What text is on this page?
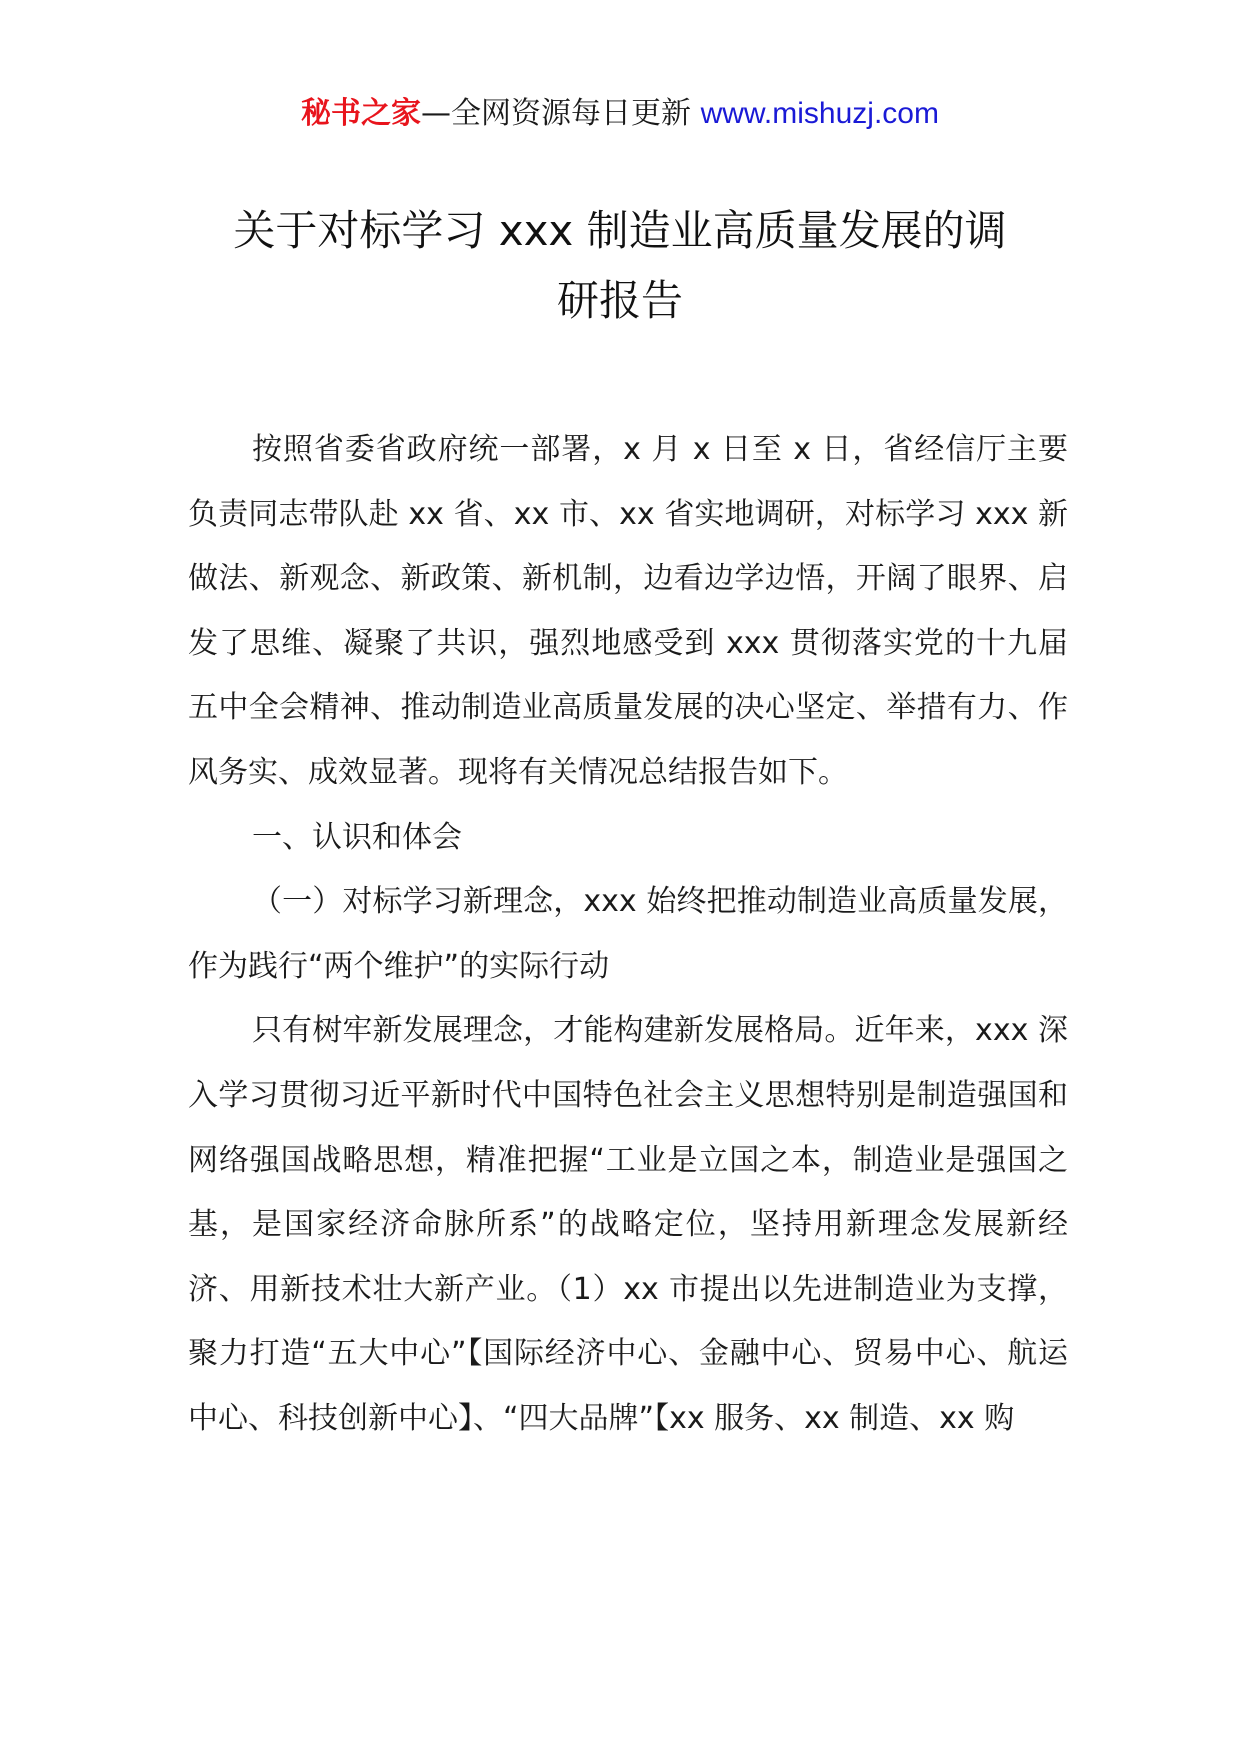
秘书之家—全网资源每日更新 www.mishuzj.com
关于对标学习 xxx 制造业高质量发展的调
研报告

按照省委省政府统一部署，x 月 x 日至 x 日，省经信厅主要负责同志带队赴 xx 省、xx 市、xx 省实地调研，对标学习 xxx 新做法、新观念、新政策、新机制，边看边学边悟，开阔了眼界、启发了思维、凝聚了共识，强烈地感受到 xxx 贯彻落实党的十九届五中全会精神、推动制造业高质量发展的决心坚定、举措有力、作风务实、成效显著。现将有关情况总结报告如下。

一、认识和体会

（一）对标学习新理念，xxx 始终把推动制造业高质量发展，作为践行“两个维护”的实际行动

只有树牢新发展理念，才能构建新发展格局。近年来，xxx 深入学习贯彻习近平新时代中国特色社会主义思想特别是制造强国和网络强国战略思想，精准把握“工业是立国之本，制造业是强国之基，是国家经济命脉所系”的战略定位，坚持用新理念发展新经济、用新技术壮大新产业。（1）xx 市提出以先进制造业为支撑，聚力打造“五大中心”【国际经济中心、金融中心、贸易中心、航运中心、科技创新中心】、“四大品牌”【xx 服务、xx 制造、xx 购
